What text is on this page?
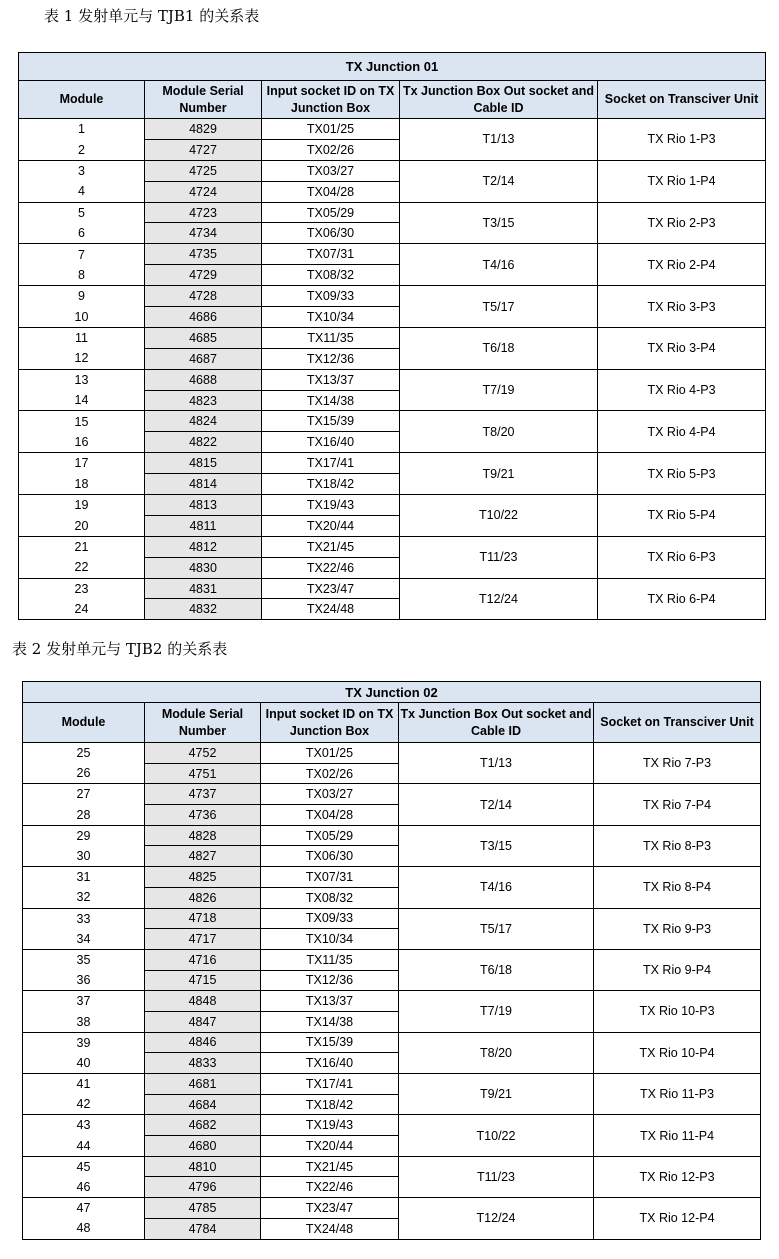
表 1 发射单元与 TJB1 的关系表
TX Junction 01				
Module	Module Serial Number	Input socket ID on TX Junction Box	Tx Junction Box Out socket and Cable ID	Socket on Transciver Unit
1	4829	TX01/25	T1/13	TX Rio 1-P3
2	4727	TX02/26		
3	4725	TX03/27	T2/14	TX Rio 1-P4
4	4724	TX04/28		
5	4723	TX05/29	T3/15	TX Rio 2-P3
6	4734	TX06/30		
7	4735	TX07/31	T4/16	TX Rio 2-P4
8	4729	TX08/32		
9	4728	TX09/33	T5/17	TX Rio 3-P3
10	4686	TX10/34		
11	4685	TX11/35	T6/18	TX Rio 3-P4
12	4687	TX12/36		
13	4688	TX13/37	T7/19	TX Rio 4-P3
14	4823	TX14/38		
15	4824	TX15/39	T8/20	TX Rio 4-P4
16	4822	TX16/40		
17	4815	TX17/41	T9/21	TX Rio 5-P3
18	4814	TX18/42		
19	4813	TX19/43	T10/22	TX Rio 5-P4
20	4811	TX20/44		
21	4812	TX21/45	T11/23	TX Rio 6-P3
22	4830	TX22/46		
23	4831	TX23/47	T12/24	TX Rio 6-P4
24	4832	TX24/48		
表 2 发射单元与 TJB2 的关系表
TX Junction 02				
Module	Module Serial Number	Input socket ID on TX Junction Box	Tx Junction Box Out socket and Cable ID	Socket on Transciver Unit
25	4752	TX01/25	T1/13	TX Rio 7-P3
26	4751	TX02/26		
27	4737	TX03/27	T2/14	TX Rio 7-P4
28	4736	TX04/28		
29	4828	TX05/29	T3/15	TX Rio 8-P3
30	4827	TX06/30		
31	4825	TX07/31	T4/16	TX Rio 8-P4
32	4826	TX08/32		
33	4718	TX09/33	T5/17	TX Rio 9-P3
34	4717	TX10/34		
35	4716	TX11/35	T6/18	TX Rio 9-P4
36	4715	TX12/36		
37	4848	TX13/37	T7/19	TX Rio 10-P3
38	4847	TX14/38		
39	4846	TX15/39	T8/20	TX Rio 10-P4
40	4833	TX16/40		
41	4681	TX17/41	T9/21	TX Rio 11-P3
42	4684	TX18/42		
43	4682	TX19/43	T10/22	TX Rio 11-P4
44	4680	TX20/44		
45	4810	TX21/45	T11/23	TX Rio 12-P3
46	4796	TX22/46		
47	4785	TX23/47	T12/24	TX Rio 12-P4
48	4784	TX24/48		
